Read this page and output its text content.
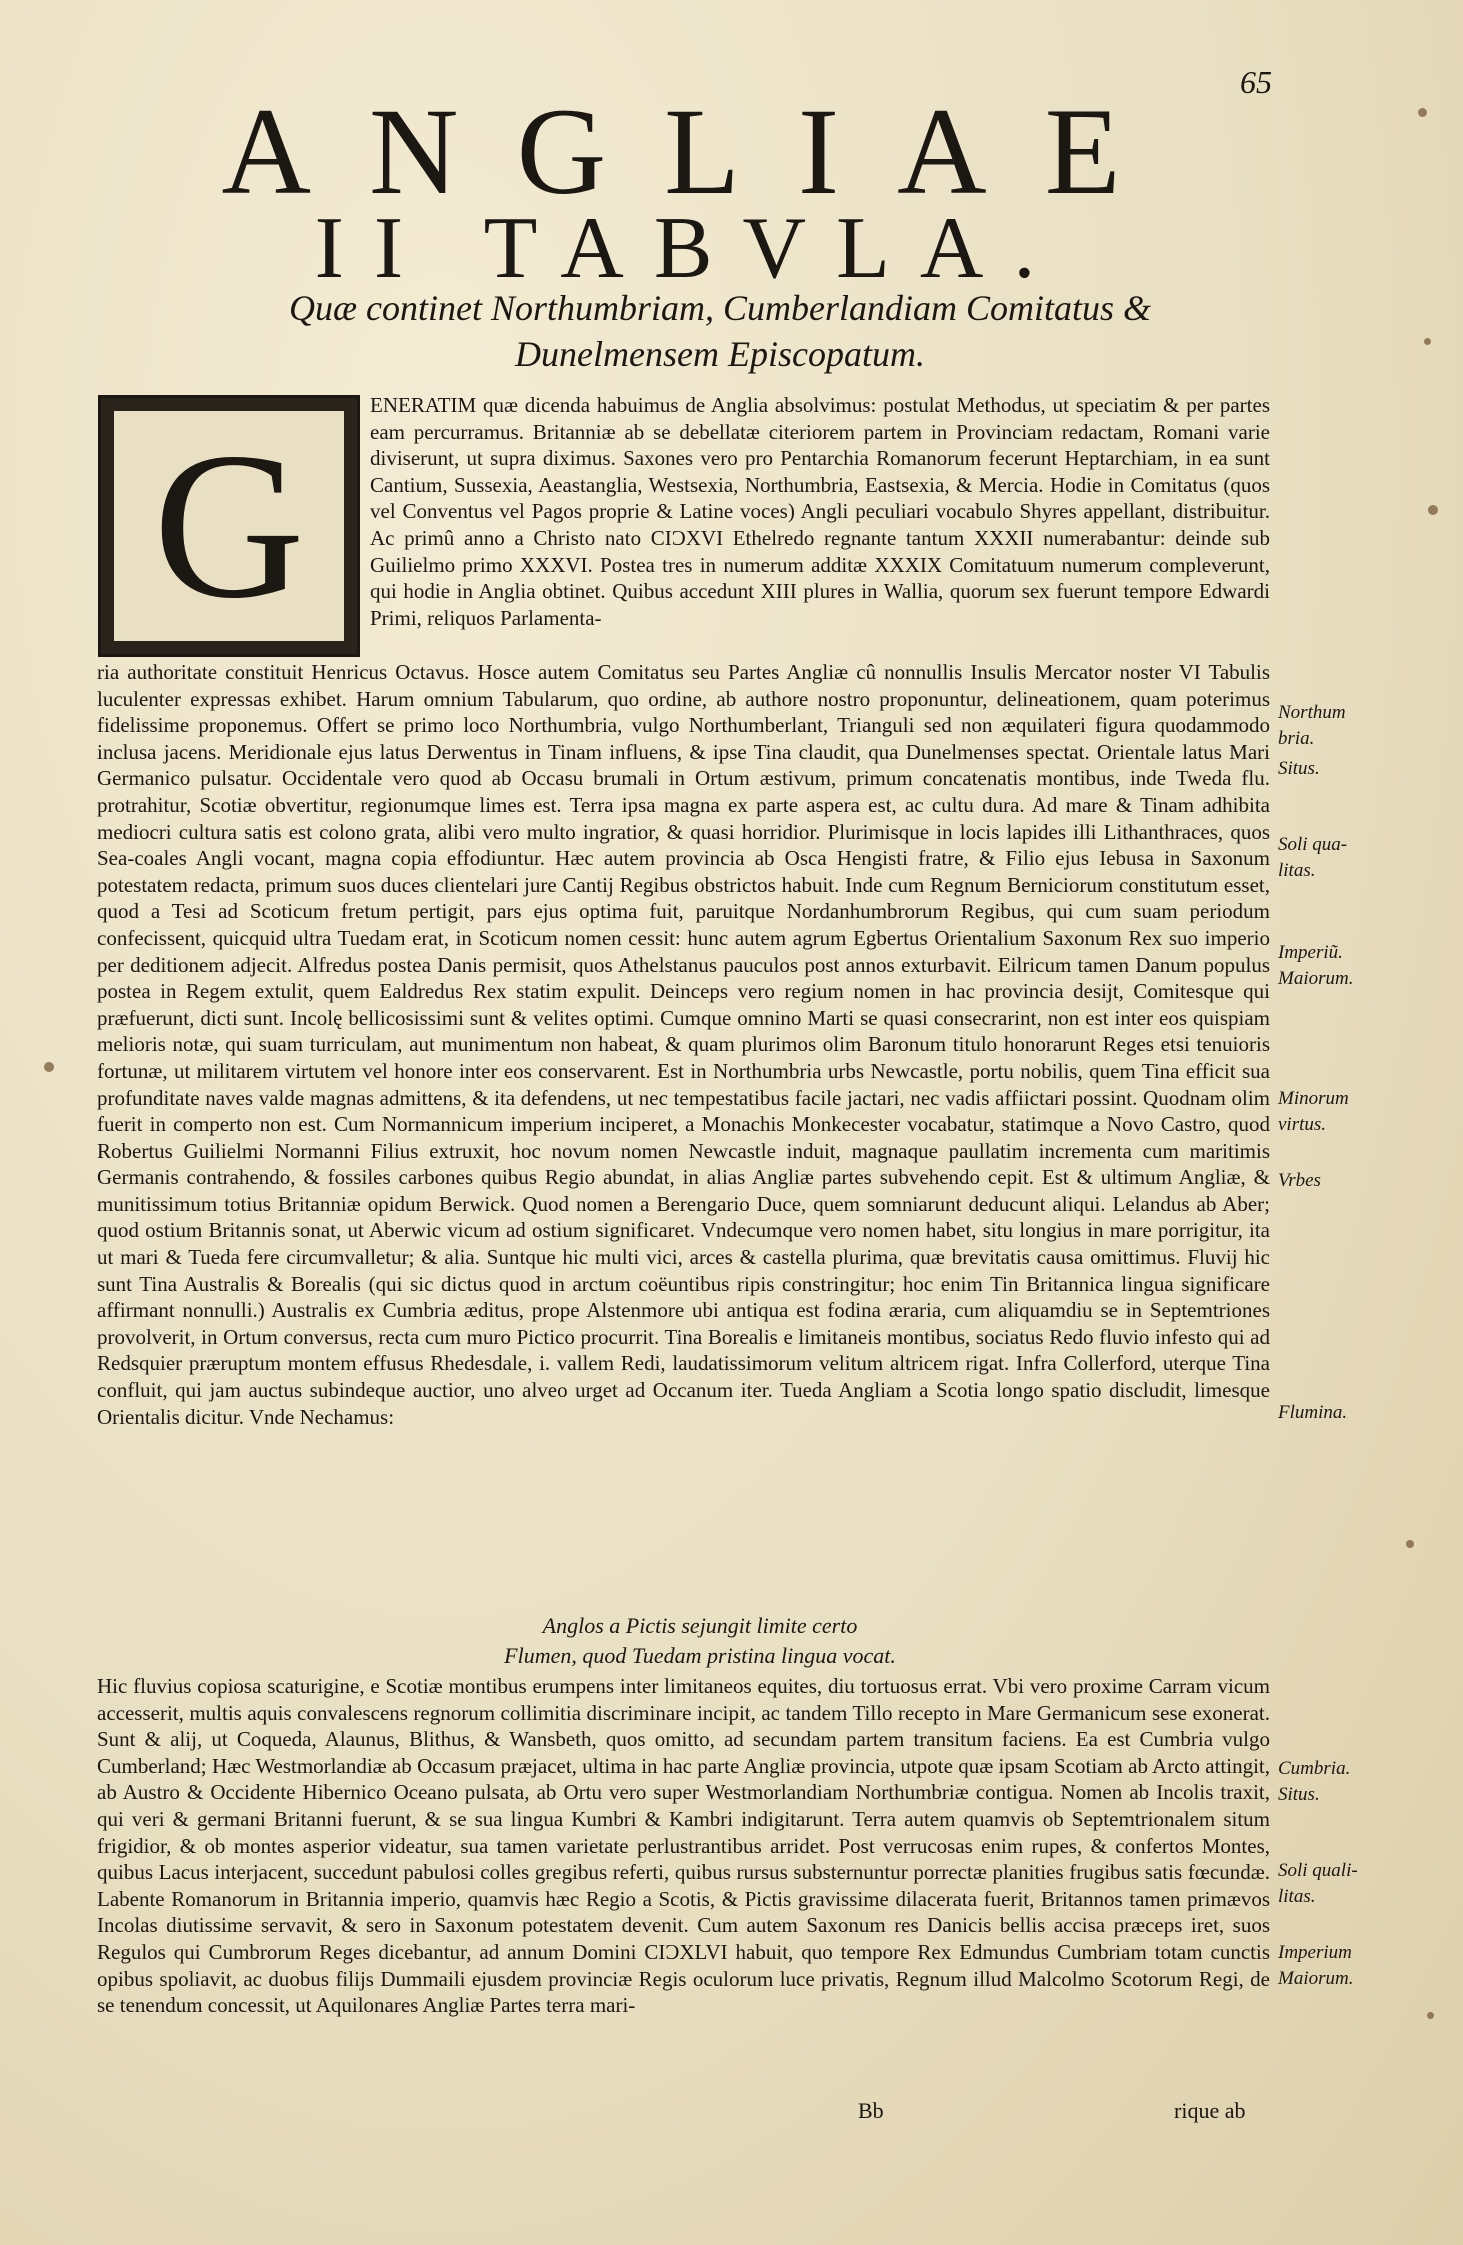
65
ANGLIAE
II TABVLA.
Quæ continet Northumbriam, Cumberlandiam Comitatus & Dunelmensem Episcopatum.
G

ENERATIM quæ dicenda habuimus de Anglia absolvimus: postulat Methodus, ut speciatim & per partes eam percurramus. Britanniæ ab se debellatæ citeriorem partem in Provinciam redactam, Romani varie diviserunt, ut supra diximus. Saxones vero pro Pentarchia Romanorum fecerunt Heptarchiam, in ea sunt Cantium, Sussexia, Aeastanglia, Westsexia, Northumbria, Eastsexia, & Mercia. Hodie in Comitatus (quos vel Conventus vel Pagos proprie & Latine voces) Angli peculiari vocabulo Shyres appellant, distribuitur. Ac primû anno a Christo nato CIƆXVI Ethelredo regnante tantum XXXII numerabantur: deinde sub Guilielmo primo XXXVI. Postea tres in numerum additæ XXXIX Comitatuum numerum compleverunt, qui hodie in Anglia obtinet. Quibus accedunt XIII plures in Wallia, quorum sex fuerunt tempore Edwardi Primi, reliquos Parlamenta-

ria authoritate constituit Henricus Octavus. Hosce autem Comitatus seu Partes Angliæ cû nonnullis Insulis Mercator noster VI Tabulis luculenter expressas exhibet. Harum omnium Tabularum, quo ordine, ab authore nostro proponuntur, delineationem, quam poterimus fidelissime proponemus. Offert se primo loco Northumbria, vulgo Northumberlant, Trianguli sed non æquilateri figura quodammodo inclusa jacens. Meridionale ejus latus Derwentus in Tinam influens, & ipse Tina claudit, qua Dunelmenses spectat. Orientale latus Mari Germanico pulsatur. Occidentale vero quod ab Occasu brumali in Ortum æstivum, primum concatenatis montibus, inde Tweda flu. protrahitur, Scotiæ obvertitur, regionumque limes est. Terra ipsa magna ex parte aspera est, ac cultu dura. Ad mare & Tinam adhibita mediocri cultura satis est colono grata, alibi vero multo ingratior, & quasi horridior. Plurimisque in locis lapides illi Lithanthraces, quos Sea-coales Angli vocant, magna copia effodiuntur. Hæc autem provincia ab Osca Hengisti fratre, & Filio ejus Iebusa in Saxonum potestatem redacta, primum suos duces clientelari jure Cantij Regibus obstrictos habuit. Inde cum Regnum Berniciorum constitutum esset, quod a Tesi ad Scoticum fretum pertigit, pars ejus optima fuit, paruitque Nordanhumbrorum Regibus, qui cum suam periodum confecissent, quicquid ultra Tuedam erat, in Scoticum nomen cessit: hunc autem agrum Egbertus Orientalium Saxonum Rex suo imperio per deditionem adjecit. Alfredus postea Danis permisit, quos Athelstanus pauculos post annos exturbavit. Eilricum tamen Danum populus postea in Regem extulit, quem Ealdredus Rex statim expulit. Deinceps vero regium nomen in hac provincia desijt, Comitesque qui præfuerunt, dicti sunt. Incolę bellicosissimi sunt & velites optimi. Cumque omnino Marti se quasi consecrarint, non est inter eos quispiam melioris notæ, qui suam turriculam, aut munimentum non habeat, & quam plurimos olim Baronum titulo honorarunt Reges etsi tenuioris fortunæ, ut militarem virtutem vel honore inter eos conservarent. Est in Northumbria urbs Newcastle, portu nobilis, quem Tina efficit sua profunditate naves valde magnas admittens, & ita defendens, ut nec tempestatibus facile jactari, nec vadis affiictari possint. Quodnam olim fuerit in comperto non est. Cum Normannicum imperium inciperet, a Monachis Monkecester vocabatur, statimque a Novo Castro, quod Robertus Guilielmi Normanni Filius extruxit, hoc novum nomen Newcastle induit, magnaque paullatim incrementa cum maritimis Germanis contrahendo, & fossiles carbones quibus Regio abundat, in alias Angliæ partes subvehendo cepit. Est & ultimum Angliæ, & munitissimum totius Britanniæ opidum Berwick. Quod nomen a Berengario Duce, quem somniarunt deducunt aliqui. Lelandus ab Aber; quod ostium Britannis sonat, ut Aberwic vicum ad ostium significaret. Vndecumque vero nomen habet, situ longius in mare porrigitur, ita ut mari & Tueda fere circumvalletur; & alia. Suntque hic multi vici, arces & castella plurima, quæ brevitatis causa omittimus. Fluvij hic sunt Tina Australis & Borealis (qui sic dictus quod in arctum coëuntibus ripis constringitur; hoc enim Tin Britannica lingua significare affirmant nonnulli.) Australis ex Cumbria æditus, prope Alstenmore ubi antiqua est fodina æraria, cum aliquamdiu se in Septemtriones provolverit, in Ortum conversus, recta cum muro Pictico procurrit. Tina Borealis e limitaneis montibus, sociatus Redo fluvio infesto qui ad Redsquier præruptum montem effusus Rhedesdale, i. vallem Redi, laudatissimorum velitum altricem rigat. Infra Collerford, uterque Tina confluit, qui jam auctus subindeque auctior, uno alveo urget ad Occanum iter. Tueda Angliam a Scotia longo spatio discludit, limesque Orientalis dicitur. Vnde Nechamus:

Anglos a Pictis sejungit limite certo
Flumen, quod Tuedam pristina lingua vocat.

Hic fluvius copiosa scaturigine, e Scotiæ montibus erumpens inter limitaneos equites, diu tortuosus errat. Vbi vero proxime Carram vicum accesserit, multis aquis convalescens regnorum collimitia discriminare incipit, ac tandem Tillo recepto in Mare Germanicum sese exonerat. Sunt & alij, ut Coqueda, Alaunus, Blithus, & Wansbeth, quos omitto, ad secundam partem transitum faciens. Ea est Cumbria vulgo Cumberland; Hæc Westmorlandiæ ab Occasum præjacet, ultima in hac parte Angliæ provincia, utpote quæ ipsam Scotiam ab Arcto attingit, ab Austro & Occidente Hibernico Oceano pulsata, ab Ortu vero super Westmorlandiam Northumbriæ contigua. Nomen ab Incolis traxit, qui veri & germani Britanni fuerunt, & se sua lingua Kumbri & Kambri indigitarunt. Terra autem quamvis ob Septemtrionalem situm frigidior, & ob montes asperior videatur, sua tamen varietate perlustrantibus arridet. Post verrucosas enim rupes, & confertos Montes, quibus Lacus interjacent, succedunt pabulosi colles gregibus referti, quibus rursus substernuntur porrectæ planities frugibus satis fœcundæ. Labente Romanorum in Britannia imperio, quamvis hæc Regio a Scotis, & Pictis gravissime dilacerata fuerit, Britannos tamen primævos Incolas diutissime servavit, & sero in Saxonum potestatem devenit. Cum autem Saxonum res Danicis bellis accisa præceps iret, suos Regulos qui Cumbrorum Reges dicebantur, ad annum Domini CIƆXLVI habuit, quo tempore Rex Edmundus Cumbriam totam cunctis opibus spoliavit, ac duobus filijs Dummaili ejusdem provinciæ Regis oculorum luce privatis, Regnum illud Malcolmo Scotorum Regi, de se tenendum concessit, ut Aquilonares Angliæ Partes terra mari-

Northum
bria.
Situs.
Soli qua-
litas.
Imperiũ.
Maiorum.
Minorum
virtus.
Vrbes
Flumina.
Cumbria.
Situs.
Soli quali-
litas.
Imperium
Maiorum.
Bb	rique ab
